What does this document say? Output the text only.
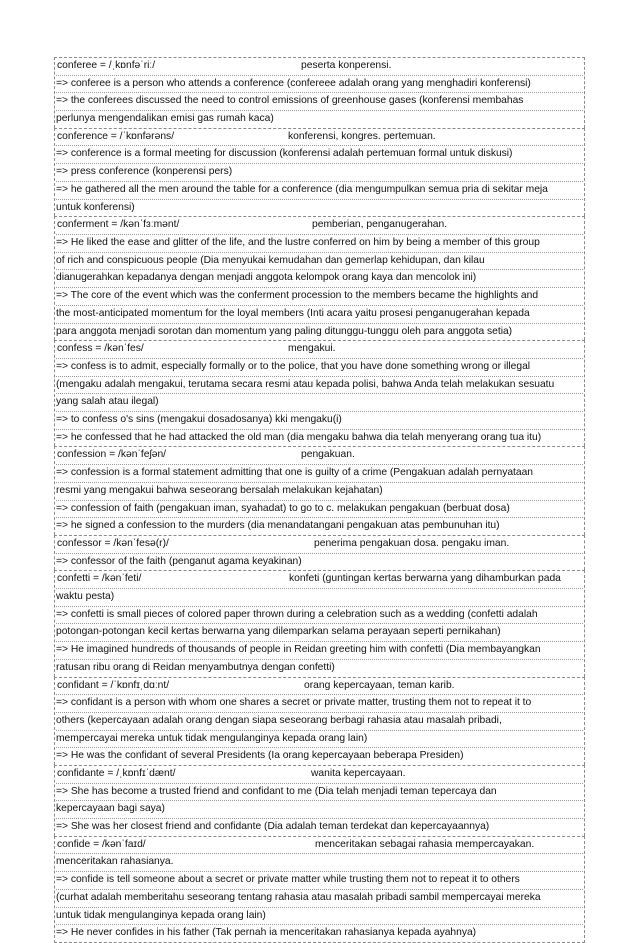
conferee = /ˌkɒnfəˈriː/	peserta konperensi.
=> conferee is a person who attends a conference (confereee adalah orang yang menghadiri konferensi)
=> the conferees discussed the need to control emissions of greenhouse gases (konferensi membahas
perlunya mengendalikan emisi gas rumah kaca)
conference = /ˈkɒnfərəns/	konferensi, kongres. pertemuan.
=> conference is a formal meeting for discussion (konferensi adalah pertemuan formal untuk diskusi)
=> press conference (konperensi pers)
=> he gathered all the men around the table for a conference (dia mengumpulkan semua pria di sekitar meja
untuk konferensi)
conferment = /kənˈfɜːmənt/	pemberian, penganugerahan.
=> He liked the ease and glitter of the life, and the lustre conferred on him by being a member of this group
of rich and conspicuous people (Dia menyukai kemudahan dan gemerlap kehidupan, dan kilau
dianugerahkan kepadanya dengan menjadi anggota kelompok orang kaya dan mencolok ini)
=> The core of the event which was the conferment procession to the members became the highlights and
the most-anticipated momentum for the loyal members (Inti acara yaitu prosesi penganugerahan kepada
para anggota menjadi sorotan dan momentum yang paling ditunggu-tunggu oleh para anggota setia)
confess = /kənˈfes/	mengakui.
=> confess is to admit, especially formally or to the police, that you have done something wrong or illegal
(mengaku adalah mengakui, terutama secara resmi atau kepada polisi, bahwa Anda telah melakukan sesuatu
yang salah atau ilegal)
=> to confess o's sins (mengakui dosadosanya) kki mengaku(i)
=> he confessed that he had attacked the old man (dia mengaku bahwa dia telah menyerang orang tua itu)
confession = /kənˈfeʃən/	pengakuan.
=> confession is a formal statement admitting that one is guilty of a crime (Pengakuan adalah pernyataan
resmi yang mengakui bahwa seseorang bersalah melakukan kejahatan)
=> confession of faith (pengakuan iman, syahadat) to go to c. melakukan pengakuan (berbuat dosa)
=> he signed a confession to the murders (dia menandatangani pengakuan atas pembunuhan itu)
confessor = /kənˈfesə(r)/	penerima pengakuan dosa. pengaku iman.
=> confessor of the faith (penganut agama keyakinan)
confetti = /kənˈfeti/	konfeti (guntingan kertas berwarna yang dihamburkan pada
waktu pesta)
=> confetti is small pieces of colored paper thrown during a celebration such as a wedding (confetti adalah
potongan-potongan kecil kertas berwarna yang dilemparkan selama perayaan seperti pernikahan)
=> He imagined hundreds of thousands of people in Reidan greeting him with confetti (Dia membayangkan
ratusan ribu orang di Reidan menyambutnya dengan confetti)
confidant = /ˈkɒnfɪˌdɑːnt/	orang kepercayaan, teman karib.
=> confidant is a person with whom one shares a secret or private matter, trusting them not to repeat it to
others (kepercayaan adalah orang dengan siapa seseorang berbagi rahasia atau masalah pribadi,
mempercayai mereka untuk tidak mengulanginya kepada orang lain)
=> He was the confidant of several Presidents (Ia orang kepercayaan beberapa Presiden)
confidante = /ˌkɒnfɪˈdænt/	wanita kepercayaan.
=> She has become a trusted friend and confidant to me (Dia telah menjadi teman tepercaya dan
kepercayaan bagi saya)
=> She was her closest friend and confidante (Dia adalah teman terdekat dan kepercayaannya)
confide = /kənˈfaɪd/	menceritakan sebagai rahasia mempercayakan.
menceritakan rahasianya.
=> confide is tell someone about a secret or private matter while trusting them not to repeat it to others
(curhat adalah memberitahu seseorang tentang rahasia atau masalah pribadi sambil mempercayai mereka
untuk tidak mengulanginya kepada orang lain)
=> He never confides in his father (Tak pernah ia menceritakan rahasianya kepada ayahnya)
